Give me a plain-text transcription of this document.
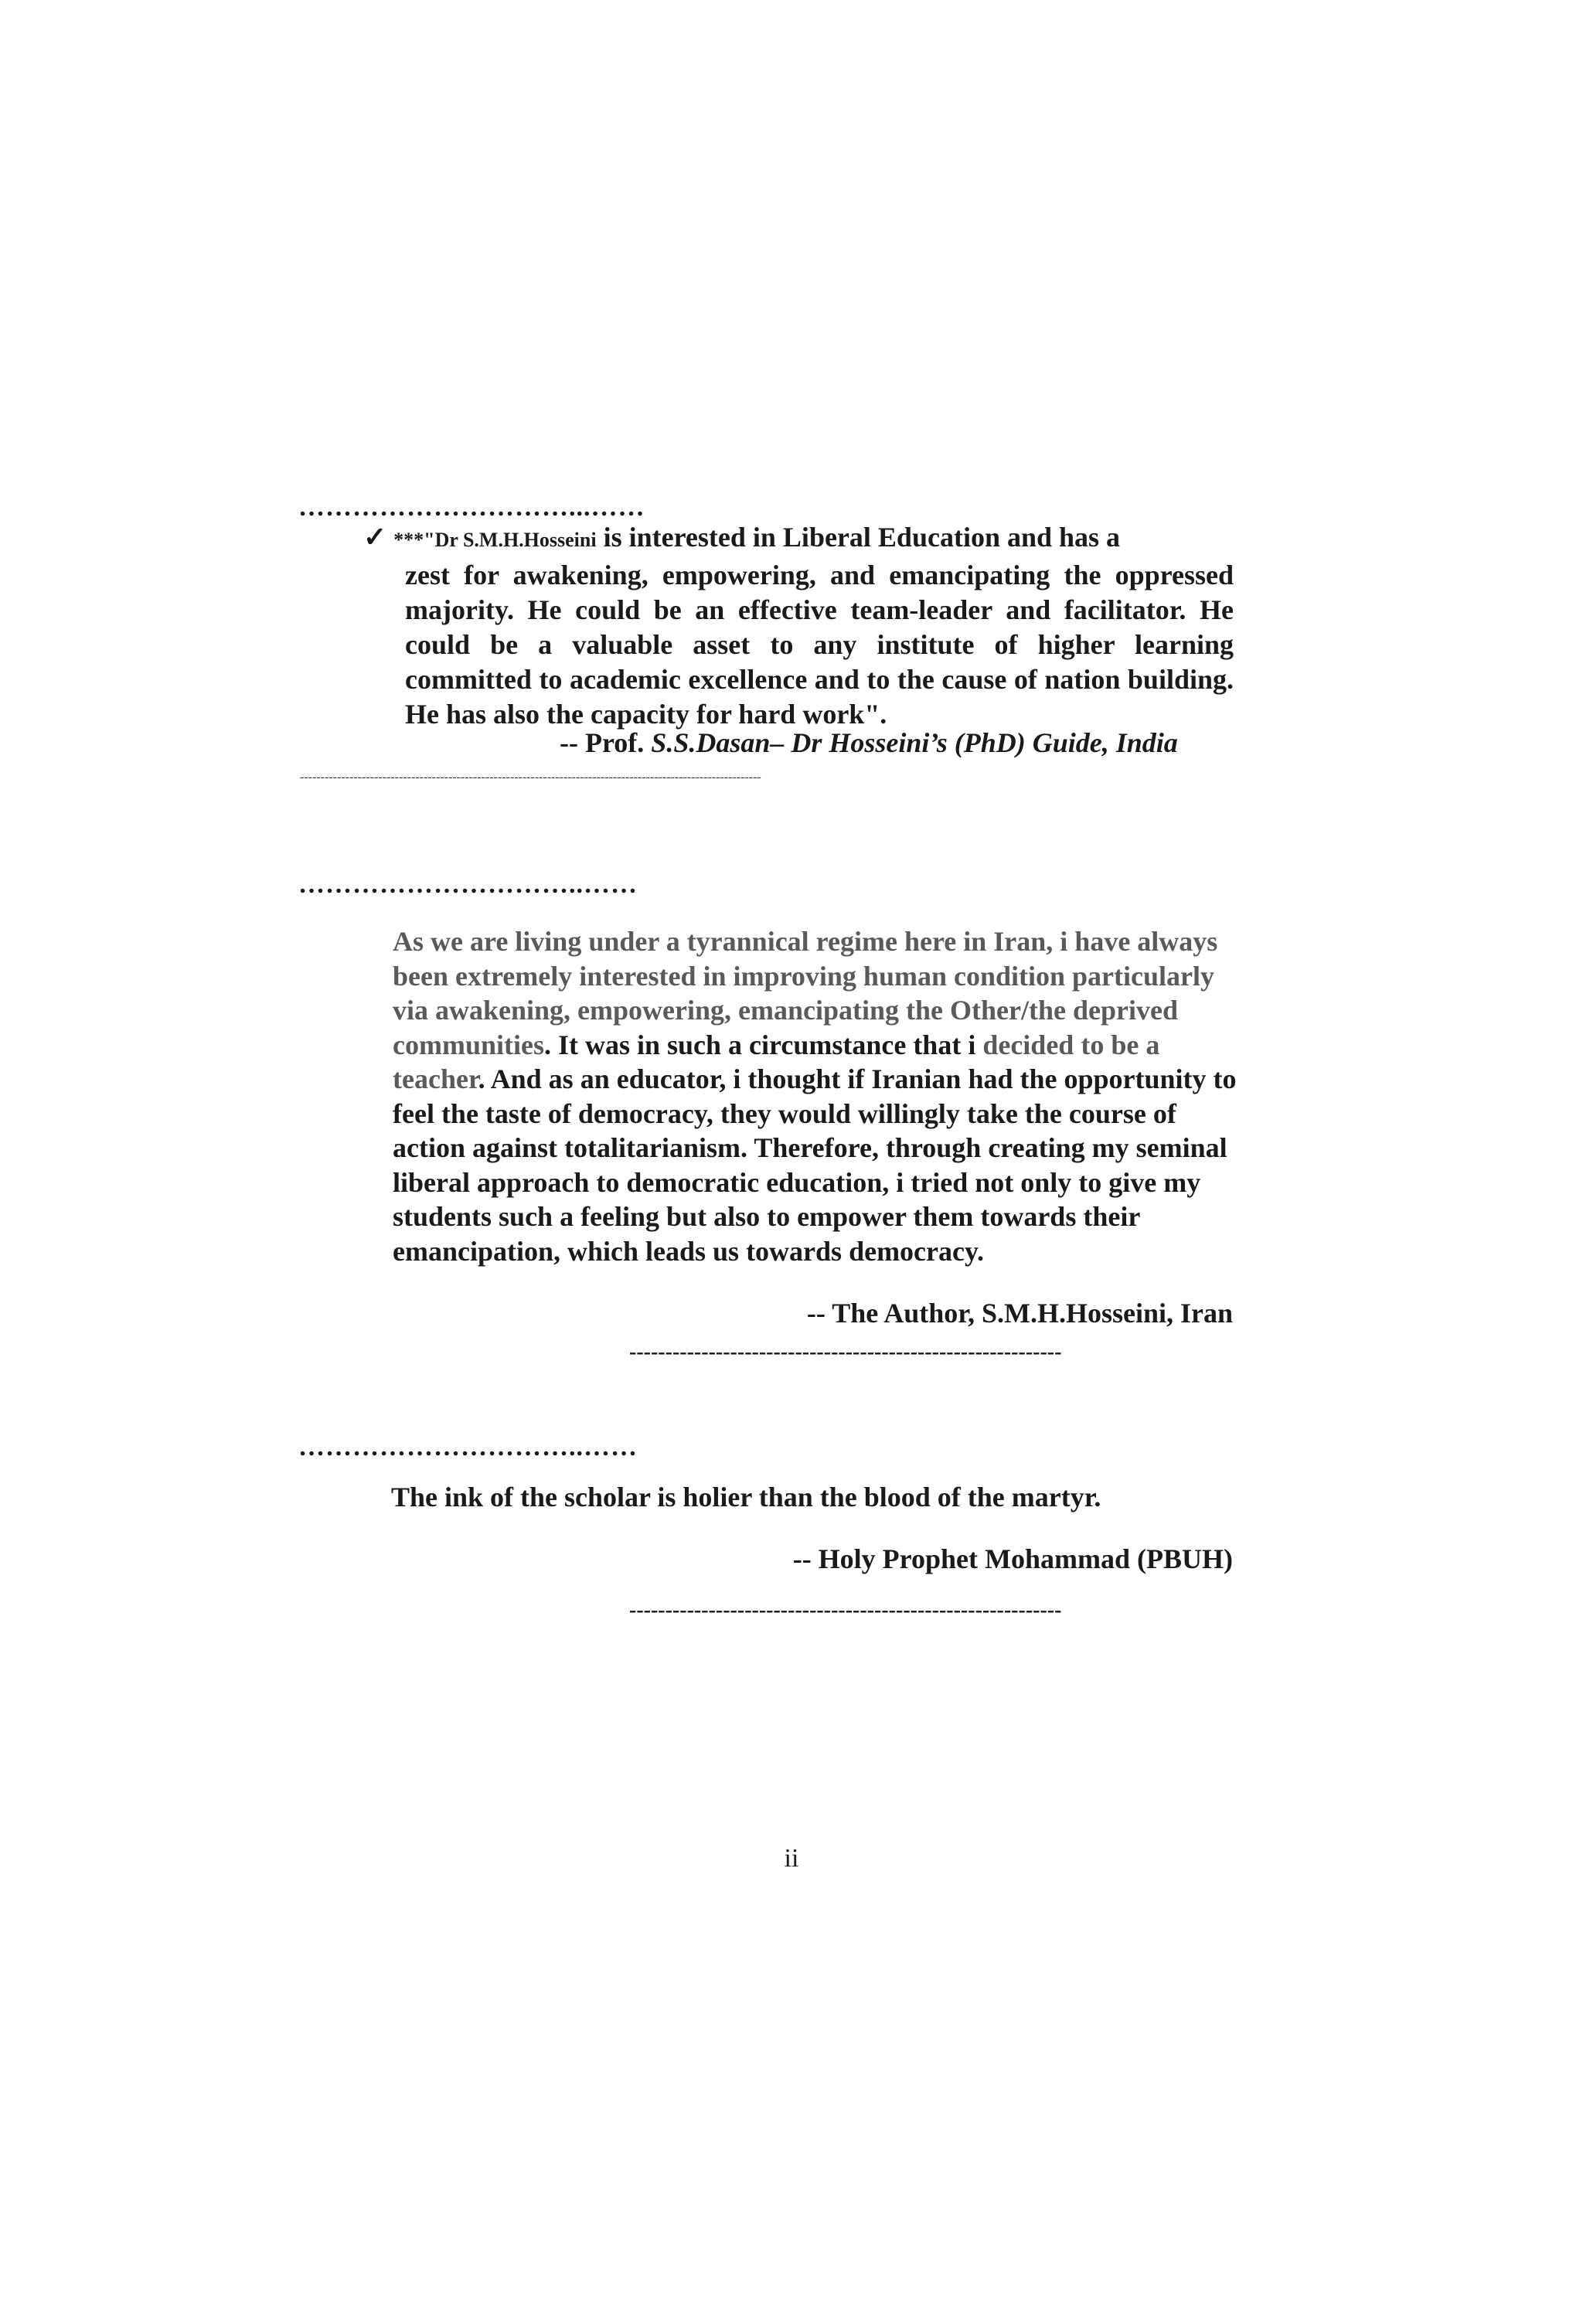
…………………………...……
✓ ***"Dr S.M.H.Hosseini is interested in Liberal Education and has a
zest for awakening, empowering, and emancipating the oppressed majority. He could be an effective team-leader and facilitator. He could be a valuable asset to any institute of higher learning committed to academic excellence and to the cause of nation building. He has also the capacity for hard work".
-- Prof. S.S.Dasan– Dr Hosseini’s (PhD) Guide, India
----------------------------------------------------------------------------------------------------------------
…………………………..……
As we are living under a tyrannical regime here in Iran, i have always been extremely interested in improving human condition particularly via awakening, empowering, emancipating the Other/the deprived communities. It was in such a circumstance that i decided to be a teacher. And as an educator, i thought if Iranian had the opportunity to feel the taste of democracy, they would willingly take the course of action against totalitarianism. Therefore, through creating my seminal liberal approach to democratic education, i tried not only to give my students such a feeling but also to empower them towards their emancipation, which leads us towards democracy.
-- The Author, S.M.H.Hosseini, Iran
------------------------------------------------------------
…………………………..……
The ink of the scholar is holier than the blood of the martyr.
-- Holy Prophet Mohammad (PBUH)
------------------------------------------------------------
ii
